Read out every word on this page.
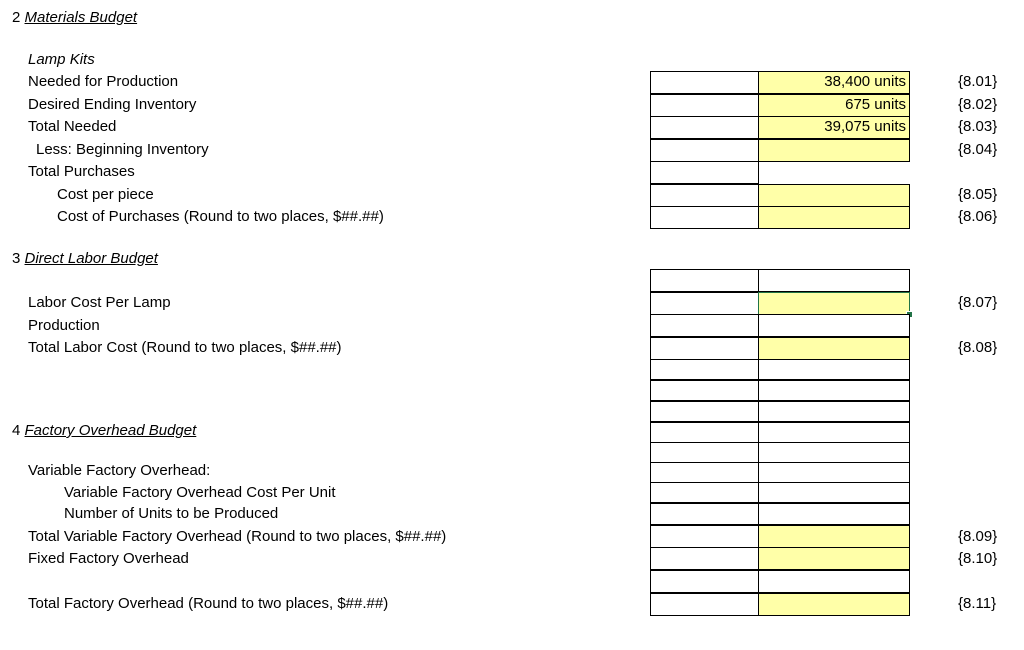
2 Materials Budget
Lamp Kits
Needed for Production
Desired Ending Inventory
Total Needed
Less: Beginning Inventory
Total Purchases
Cost per piece
Cost of Purchases (Round to two places, $##.##)
38,400 units
675 units
39,075 units
3 Direct Labor Budget
Labor Cost Per Lamp
Production
Total Labor Cost (Round to two places, $##.##)
4 Factory Overhead Budget
Variable Factory Overhead:
Variable Factory Overhead Cost Per Unit
Number of Units to be Produced
Total Variable Factory Overhead (Round to two places, $##.##)
Fixed Factory Overhead
Total Factory Overhead (Round to two places, $##.##)
{8.01}
{8.02}
{8.03}
{8.04}
{8.05}
{8.06}
{8.07}
{8.08}
{8.09}
{8.10}
{8.11}
